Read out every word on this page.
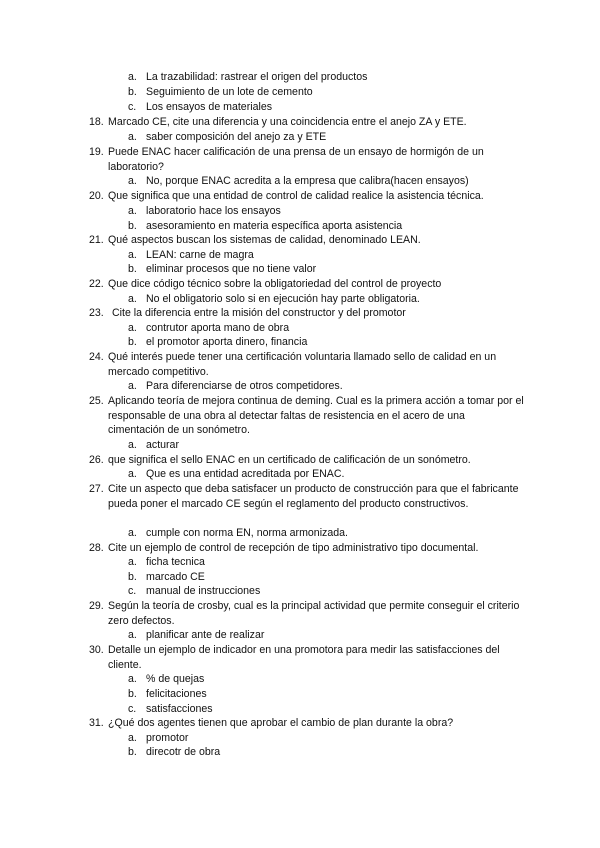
a. La trazabilidad: rastrear el origen del productos
b. Seguimiento de un lote de cemento
c. Los ensayos de materiales
18. Marcado CE, cite una diferencia y una coincidencia entre el anejo ZA y ETE.
a. saber composición del anejo za y ETE
19. Puede ENAC hacer calificación de una prensa de un ensayo de hormigón de un laboratorio?
a. No, porque ENAC acredita a la empresa que calibra(hacen ensayos)
20. Que significa que una entidad de control de calidad realice la asistencia técnica.
a. laboratorio hace los ensayos
b. asesoramiento en materia específica aporta asistencia
21. Qué aspectos buscan los sistemas de calidad, denominado LEAN.
a. LEAN: carne de magra
b. eliminar procesos que no tiene valor
22. Que dice código técnico sobre la obligatoriedad del control de proyecto
a. No el obligatorio solo si en ejecución hay parte obligatoria.
23. Cite la diferencia entre la misión del constructor y del promotor
a. contrutor aporta mano de obra
b. el promotor aporta dinero, financia
24. Qué interés puede tener una certificación voluntaria llamado sello de calidad en un mercado competitivo.
a. Para diferenciarse de otros competidores.
25. Aplicando teoría de mejora continua de deming. Cual es la primera acción a tomar por el responsable de una obra al detectar faltas de resistencia en el acero de una cimentación de un sonómetro.
a. acturar
26. que significa el sello ENAC en un certificado de calificación de un sonómetro.
a. Que es una entidad acreditada por ENAC.
27. Cite un aspecto que deba satisfacer un producto de construcción para que el fabricante pueda poner el marcado CE según el reglamento del producto constructivos.
a. cumple con norma EN, norma armonizada.
28. Cite un ejemplo de control de recepción de tipo administrativo tipo documental.
a. ficha tecnica
b. marcado CE
c. manual de instrucciones
29. Según la teoría de crosby, cual es la principal actividad que permite conseguir el criterio zero defectos.
a. planificar ante de realizar
30. Detalle un ejemplo de indicador en una promotora para medir las satisfacciones del cliente.
a. % de quejas
b. felicitaciones
c. satisfacciones
31. ¿Qué dos agentes tienen que aprobar el cambio de plan durante la obra?
a. promotor
b. direcotr de obra
